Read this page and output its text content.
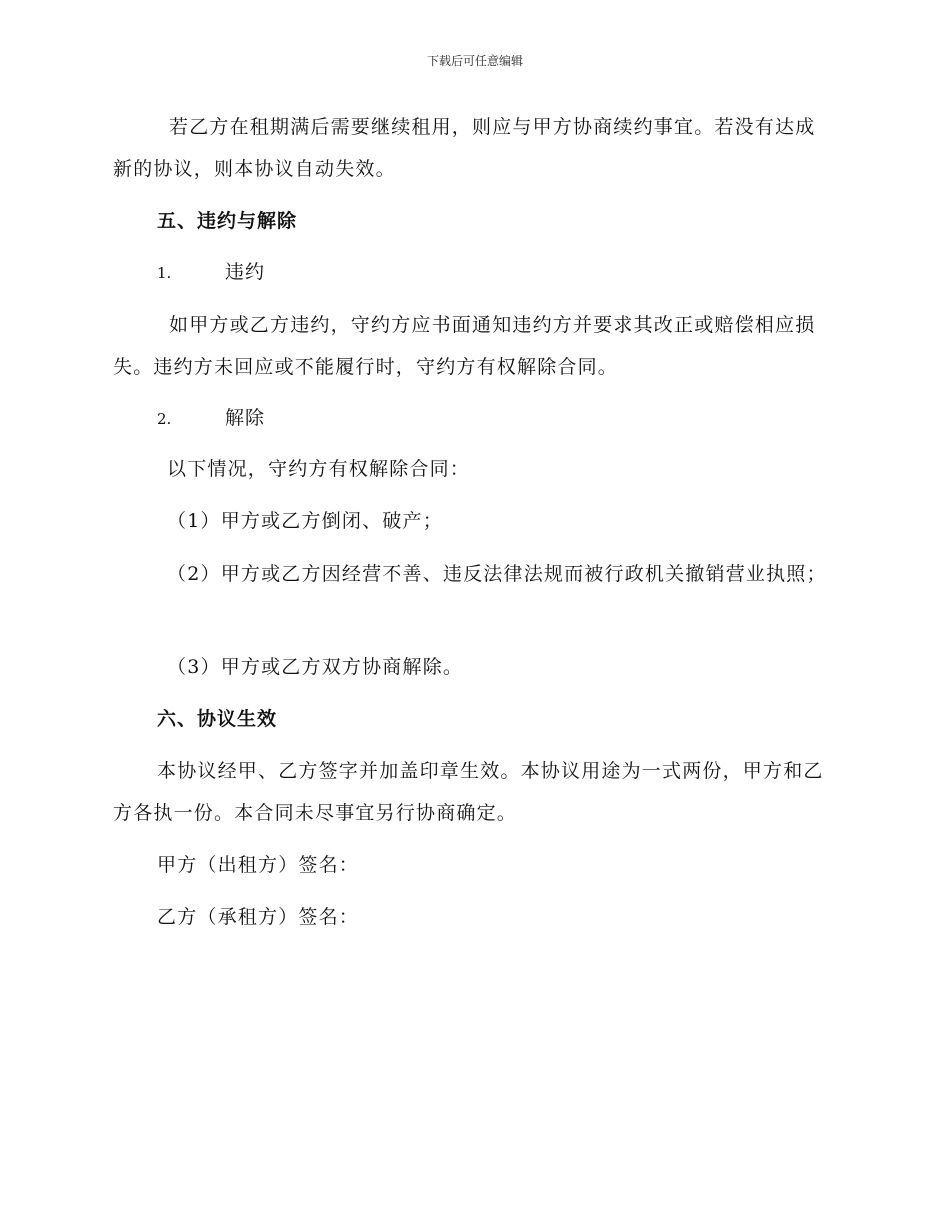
下载后可任意编辑

若乙方在租期满后需要继续租用，则应与甲方协商续约事宜。若没有达成新的协议，则本协议自动失效。

五、违约与解除

1.	违约

如甲方或乙方违约，守约方应书面通知违约方并要求其改正或赔偿相应损失。违约方未回应或不能履行时，守约方有权解除合同。

2.	解除

以下情况，守约方有权解除合同：

（1）甲方或乙方倒闭、破产；

（2）甲方或乙方因经营不善、违反法律法规而被行政机关撤销营业执照；

（3）甲方或乙方双方协商解除。

六、协议生效

本协议经甲、乙方签字并加盖印章生效。本协议用途为一式两份，甲方和乙方各执一份。本合同未尽事宜另行协商确定。

甲方（出租方）签名：

乙方（承租方）签名：
